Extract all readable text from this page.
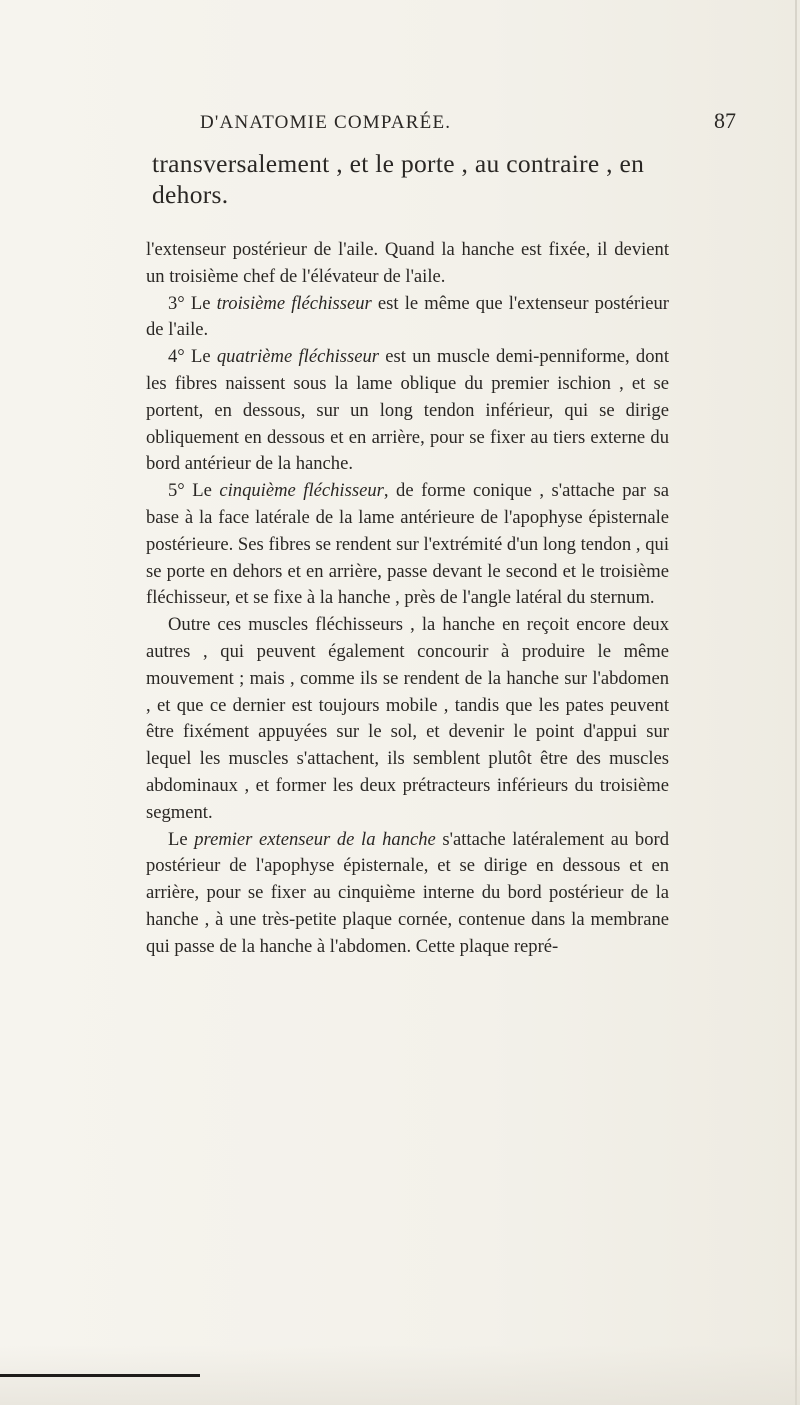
D'ANATOMIE COMPARÉE.	87

transversalement , et le porte , au contraire , en dehors.

l'extenseur postérieur de l'aile. Quand la hanche est fixée, il devient un troisième chef de l'élévateur de l'aile.

3° Le troisième fléchisseur est le même que l'extenseur postérieur de l'aile.

4° Le quatrième fléchisseur est un muscle demi-penniforme, dont les fibres naissent sous la lame oblique du premier ischion , et se portent, en dessous, sur un long tendon inférieur, qui se dirige obliquement en dessous et en arrière, pour se fixer au tiers externe du bord antérieur de la hanche.

5° Le cinquième fléchisseur, de forme conique , s'attache par sa base à la face latérale de la lame antérieure de l'apophyse épisternale postérieure. Ses fibres se rendent sur l'extrémité d'un long tendon , qui se porte en dehors et en arrière, passe devant le second et le troisième fléchisseur, et se fixe à la hanche , près de l'angle latéral du sternum.

Outre ces muscles fléchisseurs , la hanche en reçoit encore deux autres , qui peuvent également concourir à produire le même mouvement ; mais , comme ils se rendent de la hanche sur l'abdomen , et que ce dernier est toujours mobile , tandis que les pates peuvent être fixément appuyées sur le sol, et devenir le point d'appui sur lequel les muscles s'attachent, ils semblent plutôt être des muscles abdominaux , et former les deux prétracteurs inférieurs du troisième segment.

Le premier extenseur de la hanche s'attache latéralement au bord postérieur de l'apophyse épisternale, et se dirige en dessous et en arrière, pour se fixer au cinquième interne du bord postérieur de la hanche , à une très-petite plaque cornée, contenue dans la membrane qui passe de la hanche à l'abdomen. Cette plaque repré-
